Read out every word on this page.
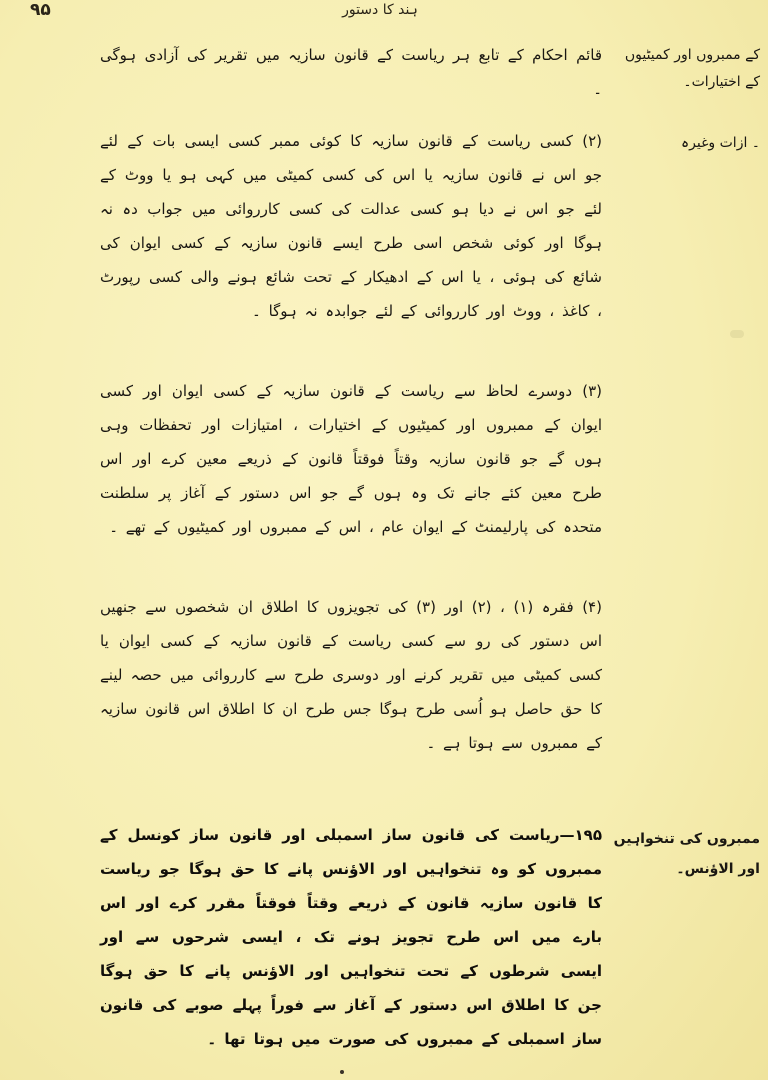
ہند کا دستور
۹۵
کے ممبروں اور کمیٹیوں کے اختیارات۔
۔ ازات وغیرہ
ممبروں کی تنخواہیں اور الاؤنس۔
قائم احکام کے تابع ہر ریاست کے قانون سازیہ میں تقریر کی آزادی ہوگی ۔
(۲) کسی ریاست کے قانون سازیہ کا کوئی ممبر کسی ایسی بات کے لئے جو اس نے قانون سازیہ یا اس کی کسی کمیٹی میں کہی ہو یا ووٹ کے لئے جو اس نے دیا ہو کسی عدالت کی کسی کارروائی میں جواب دہ نہ ہوگا اور کوئی شخص اسی طرح ایسے قانون سازیہ کے کسی ایوان کی شائع کی ہوئی ، یا اس کے ادھیکار کے تحت شائع ہونے والی کسی رپورٹ ، کاغذ ، ووٹ اور کارروائی کے لئے جوابدہ نہ ہوگا ۔
(۳) دوسرے لحاظ سے ریاست کے قانون سازیہ کے کسی ایوان اور کسی ایوان کے ممبروں اور کمیٹیوں کے اختیارات ، امتیازات اور تحفظات وہی ہوں گے جو قانون سازیہ وقتاً فوقتاً قانون کے ذریعے معین کرے اور اس طرح معین کئے جانے تک وہ ہوں گے جو اس دستور کے آغاز پر سلطنت متحدہ کی پارلیمنٹ کے ایوان عام ، اس کے ممبروں اور کمیٹیوں کے تھے ۔
(۴) فقرہ (۱) ، (۲) اور (۳) کی تجویزوں کا اطلاق ان شخصوں سے جنھیں اس دستور کی رو سے کسی ریاست کے قانون سازیہ کے کسی ایوان یا کسی کمیٹی میں تقریر کرنے اور دوسری طرح سے کارروائی میں حصہ لینے کا حق حاصل ہو اُسی طرح ہوگا جس طرح ان کا اطلاق اس قانون سازیہ کے ممبروں سے ہوتا ہے ۔
۱۹۵—ریاست کی قانون ساز اسمبلی اور قانون ساز کونسل کے ممبروں کو وہ تنخواہیں اور الاؤنس پانے کا حق ہوگا جو ریاست کا قانون سازیہ قانون کے ذریعے وقتاً فوقتاً مقرر کرے اور اس بارے میں اس طرح تجویز ہونے تک ، ایسی شرحوں سے اور ایسی شرطوں کے تحت تنخواہیں اور الاؤنس پانے کا حق ہوگا جن کا اطلاق اس دستور کے آغاز سے فوراً پہلے صوبے کی قانون ساز اسمبلی کے ممبروں کی صورت میں ہوتا تھا ۔
